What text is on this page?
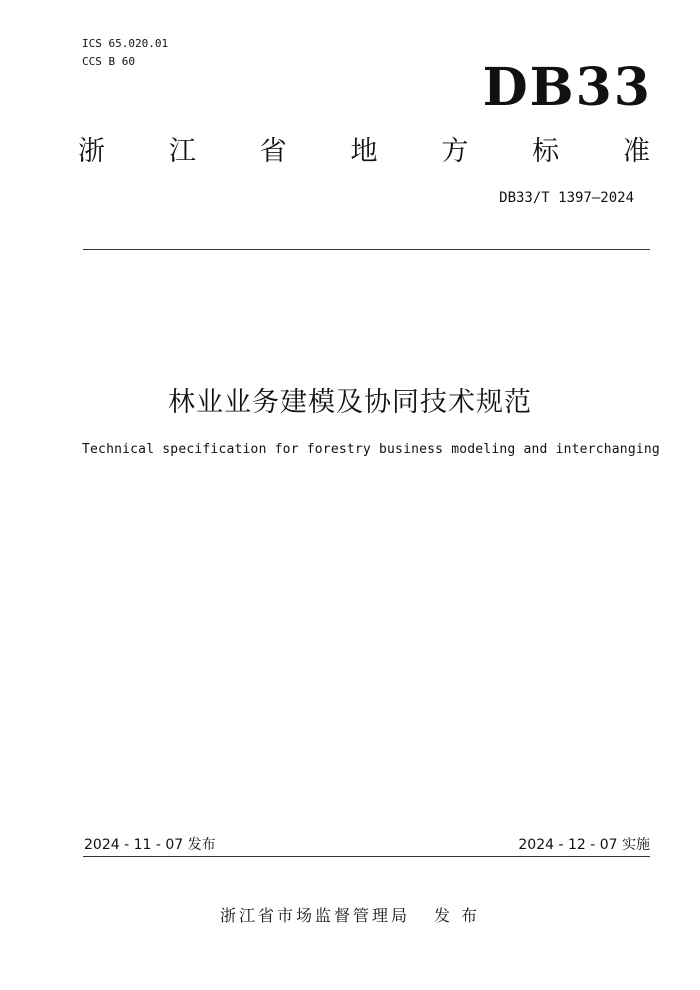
ICS 65.020.01
CCS B 60	DB33
浙 江 省 地 方 标 准
DB33/T 1397—2024
林业业务建模及协同技术规范
Technical specification for forestry business modeling and interchanging
2024 - 11 - 07 发布	2024 - 12 - 07 实施
浙江省市场监督管理局 发 布
